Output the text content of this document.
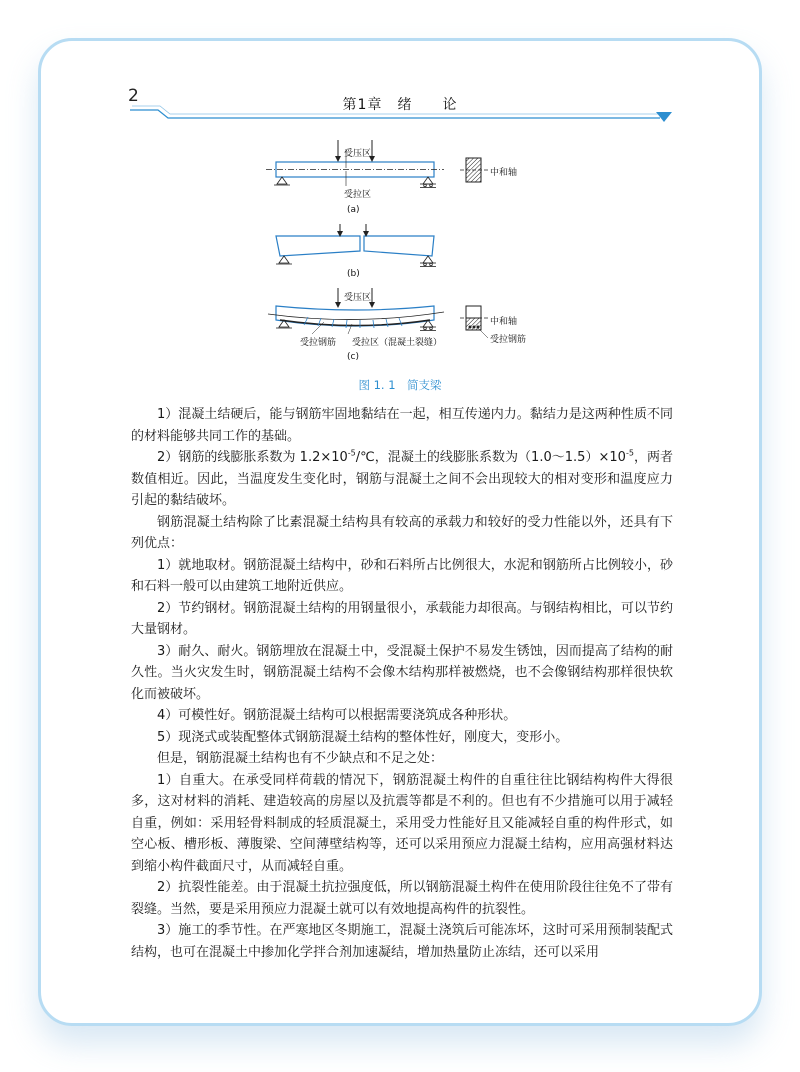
2	第1章　绪　　论
受压区
受拉区
中和轴
(a)
(b)
受压区
受拉钢筋 受拉区（混凝土裂缝）
中和轴
受拉钢筋
(c)
图 1. 1　简支梁

1）混凝土结硬后，能与钢筋牢固地黏结在一起，相互传递内力。黏结力是这两种性质不同的材料能够共同工作的基础。

2）钢筋的线膨胀系数为 $1.2\times 10^{-5}/℃$，混凝土的线膨胀系数为$(1.0\sim 1.5)\times 10^{-5}$，两者数值相近。因此，当温度发生变化时，钢筋与混凝土之间不会出现较大的相对变形和温度应力引起的黏结破坏。

钢筋混凝土结构除了比素混凝土结构具有较高的承载力和较好的受力性能以外，还具有下列优点：

1）就地取材。钢筋混凝土结构中，砂和石料所占比例很大，水泥和钢筋所占比例较小，砂和石料一般可以由建筑工地附近供应。

2）节约钢材。钢筋混凝土结构的用钢量很小，承载能力却很高。与钢结构相比，可以节约大量钢材。

3）耐久、耐火。钢筋埋放在混凝土中，受混凝土保护不易发生锈蚀，因而提高了结构的耐久性。当火灾发生时，钢筋混凝土结构不会像木结构那样被燃烧，也不会像钢结构那样很快软化而被破坏。

4）可模性好。钢筋混凝土结构可以根据需要浇筑成各种形状。

5）现浇式或装配整体式钢筋混凝土结构的整体性好，刚度大，变形小。

但是，钢筋混凝土结构也有不少缺点和不足之处：

1）自重大。在承受同样荷载的情况下，钢筋混凝土构件的自重往往比钢结构构件大得很多，这对材料的消耗、建造较高的房屋以及抗震等都是不利的。但也有不少措施可以用于减轻自重，例如：采用轻骨料制成的轻质混凝土，采用受力性能好且又能减轻自重的构件形式，如空心板、槽形板、薄腹梁、空间薄壁结构等，还可以采用预应力混凝土结构，应用高强材料达到缩小构件截面尺寸，从而减轻自重。

2）抗裂性能差。由于混凝土抗拉强度低，所以钢筋混凝土构件在使用阶段往往免不了带有裂缝。当然，要是采用预应力混凝土就可以有效地提高构件的抗裂性。

3）施工的季节性。在严寒地区冬期施工，混凝土浇筑后可能冻坏，这时可采用预制装配式结构，也可在混凝土中掺加化学拌合剂加速凝结，增加热量防止冻结，还可以采用
